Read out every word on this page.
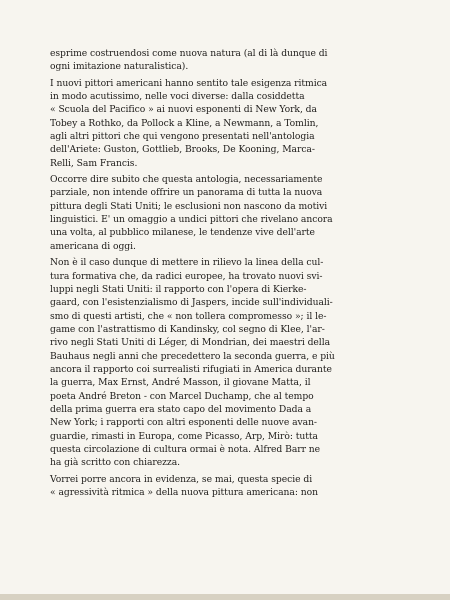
esprime costruendosi come nuova natura (al di là dunque di
ogni imitazione naturalistica).

I nuovi pittori americani hanno sentito tale esigenza ritmica
in modo acutissimo, nelle voci diverse: dalla cosiddetta
« Scuola del Pacifico » ai nuovi esponenti di New York, da
Tobey a Rothko, da Pollock a Kline, a Newmann, a Tomlin,
agli altri pittori che qui vengono presentati nell'antologia
dell'Ariete: Guston, Gottlieb, Brooks, De Kooning, Marca-
Relli, Sam Francis.

Occorre dire subito che questa antologia, necessariamente
parziale, non intende offrire un panorama di tutta la nuova
pittura degli Stati Uniti; le esclusioni non nascono da motivi
linguistici. E' un omaggio a undici pittori che rivelano ancora
una volta, al pubblico milanese, le tendenze vive dell'arte
americana di oggi.

Non è il caso dunque di mettere in rilievo la linea della cul-
tura formativa che, da radici europee, ha trovato nuovi svi-
luppi negli Stati Uniti: il rapporto con l'opera di Kierke-
gaard, con l'esistenzialismo di Jaspers, incide sull'individuali-
smo di questi artisti, che « non tollera compromesso »; il le-
game con l'astrattismo di Kandinsky, col segno di Klee, l'ar-
rivo negli Stati Uniti di Léger, di Mondrian, dei maestri della
Bauhaus negli anni che precedettero la seconda guerra, e più
ancora il rapporto coi surrealisti rifugiati in America durante
la guerra, Max Ernst, André Masson, il giovane Matta, il
poeta André Breton - con Marcel Duchamp, che al tempo
della prima guerra era stato capo del movimento Dada a
New York; i rapporti con altri esponenti delle nuove avan-
guardie, rimasti in Europa, come Picasso, Arp, Mirò: tutta
questa circolazione di cultura ormai è nota. Alfred Barr ne
ha già scritto con chiarezza.

Vorrei porre ancora in evidenza, se mai, questa specie di
« agressività ritmica » della nuova pittura americana: non
